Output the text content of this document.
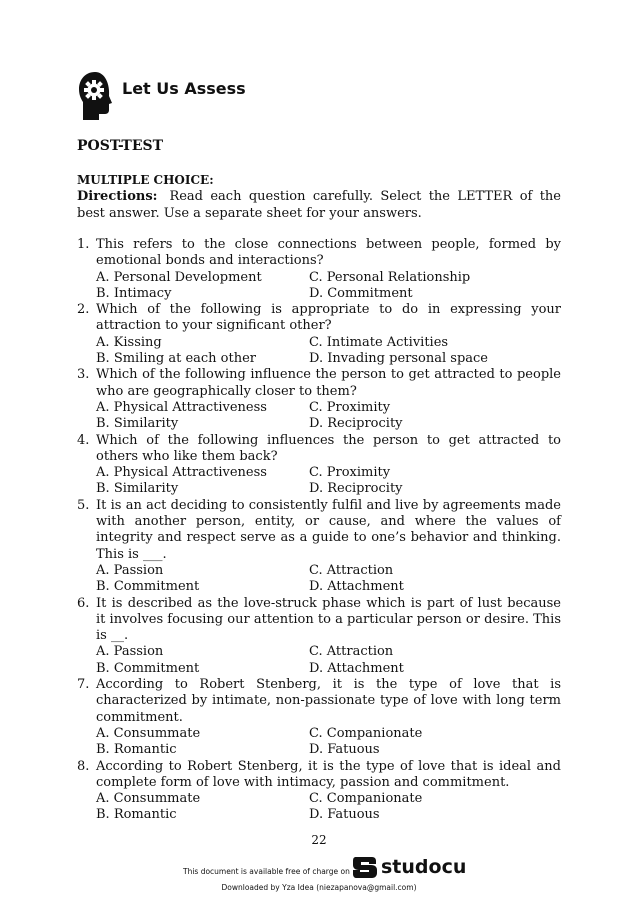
Let Us Assess
POST-TEST
MULTIPLE CHOICE:
Directions: Read each question carefully. Select the LETTER of the best answer. Use a separate sheet for your answers.
1. This refers to the close connections between people, formed by emotional bonds and interactions?
A. Personal Development	C. Personal Relationship
B. Intimacy	D. Commitment
2. Which of the following is appropriate to do in expressing your attraction to your significant other?
A. Kissing	C. Intimate Activities
B. Smiling at each other	D. Invading personal space
3. Which of the following influence the person to get attracted to people who are geographically closer to them?
A. Physical Attractiveness	C. Proximity
B. Similarity	D. Reciprocity
4. Which of the following influences the person to get attracted to others who like them back?
A. Physical Attractiveness	C. Proximity
B. Similarity	D. Reciprocity
5. It is an act deciding to consistently fulfil and live by agreements made with another person, entity, or cause, and where the values of integrity and respect serve as a guide to one’s behavior and thinking. This is ___.
A. Passion	C. Attraction
B. Commitment	D. Attachment
6. It is described as the love-struck phase which is part of lust because it involves focusing our attention to a particular person or desire. This is __.
A. Passion	C. Attraction
B. Commitment	D. Attachment
7. According to Robert Stenberg, it is the type of love that is characterized by intimate, non-passionate type of love with long term commitment.
A. Consummate	C. Companionate
B. Romantic	D. Fatuous
8. According to Robert Stenberg, it is the type of love that is ideal and complete form of love with intimacy, passion and commitment.
A. Consummate	C. Companionate
B. Romantic	D. Fatuous
22
This document is available free of charge on studocu
Downloaded by Yza Idea (niezapanova@gmail.com)
